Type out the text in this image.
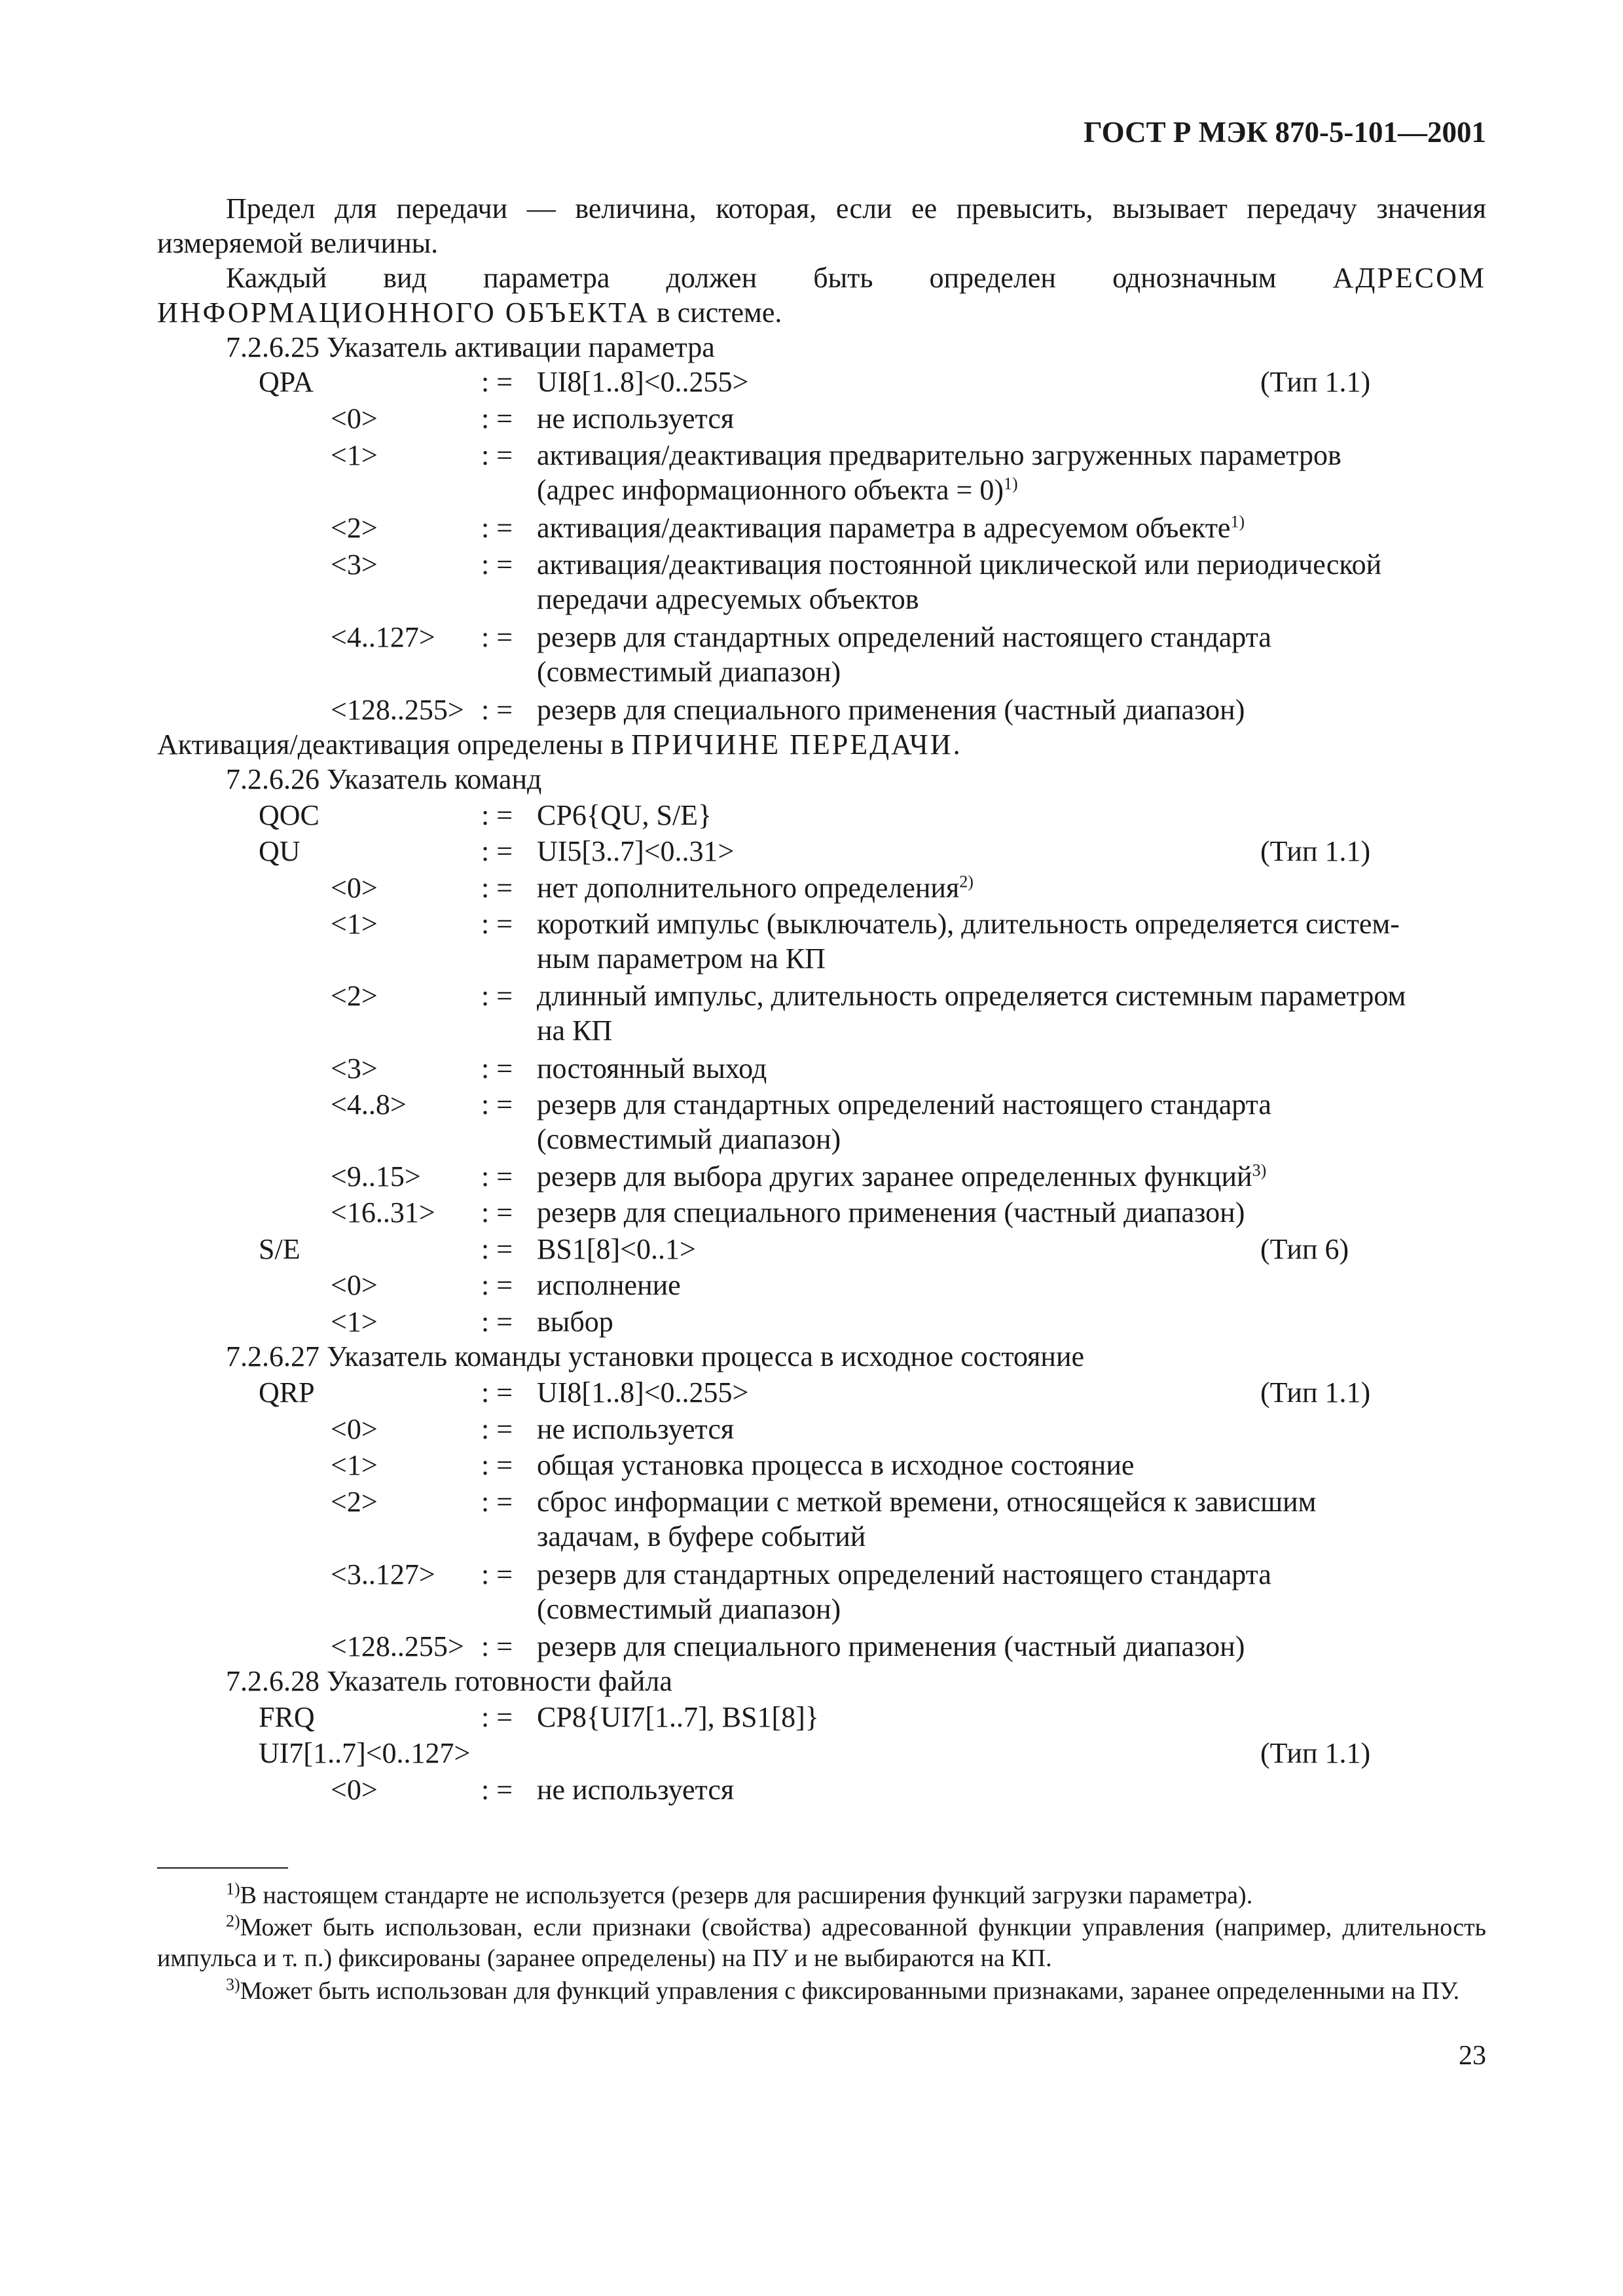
ГОСТ Р МЭК 870-5-101—2001

Предел для передачи — величина, которая, если ее превысить, вызывает передачу значения измеряемой величины.

Каждый вид параметра должен быть определен однозначным АДРЕСОМ ИНФОРМАЦИОННОГО ОБЪЕКТА в системе.

7.2.6.25 Указатель активации параметра
QPA	: = UI8[1..8]<0..255>	(Тип 1.1)
<0>	: = не используется
<1>	: = активация/деактивация предварительно загруженных параметров
(адрес информационного объекта = 0)$^{1)}$
<2>	: = активация/деактивация параметра в адресуемом объекте$^{1)}$
<3>	: = активация/деактивация постоянной циклической или периодической
передачи адресуемых объектов
<4..127> : = резерв для стандартных определений настоящего стандарта
(совместимый диапазон)
<128..255> : = резерв для специального применения (частный диапазон)
Активация/деактивация определены в ПРИЧИНЕ ПЕРЕДАЧИ.
7.2.6.26 Указатель команд
QOC	: = CP6{QU, S/E}
QU	: = UI5[3..7]<0..31>	(Тип 1.1)
<0>	: = нет дополнительного определения$^{2)}$
<1>	: = короткий импульс (выключатель), длительность определяется систем-
ным параметром на КП
<2>	: = длинный импульс, длительность определяется системным параметром
на КП
<3>	: = постоянный выход
<4..8>	: = резерв для стандартных определений настоящего стандарта
(совместимый диапазон)
<9..15> : = резерв для выбора других заранее определенных функций$^{3)}$
<16..31> : = резерв для специального применения (частный диапазон)
S/E	: = BS1[8]<0..1>	(Тип 6)
<0>	: = исполнение
<1>	: = выбор
7.2.6.27 Указатель команды установки процесса в исходное состояние
QRP	: = UI8[1..8]<0..255>	(Тип 1.1)
<0>	: = не используется
<1>	: = общая установка процесса в исходное состояние
<2>	: = сброс информации с меткой времени, относящейся к зависшим
задачам, в буфере событий
<3..127> : = резерв для стандартных определений настоящего стандарта
(совместимый диапазон)
<128..255> : = резерв для специального применения (частный диапазон)
7.2.6.28 Указатель готовности файла
FRQ	: = CP8{UI7[1..7], BS1[8]}
UI7[1..7]<0..127>	(Тип 1.1)
<0>	: = не используется

$^{1)}$В настоящем стандарте не используется (резерв для расширения функций загрузки параметра).

$^{2)}$Может быть использован, если признаки (свойства) адресованной функции управления (например, длительность импульса и т. п.) фиксированы (заранее определены) на ПУ и не выбираются на КП.

$^{3)}$Может быть использован для функций управления с фиксированными признаками, заранее определенными на ПУ.

23
